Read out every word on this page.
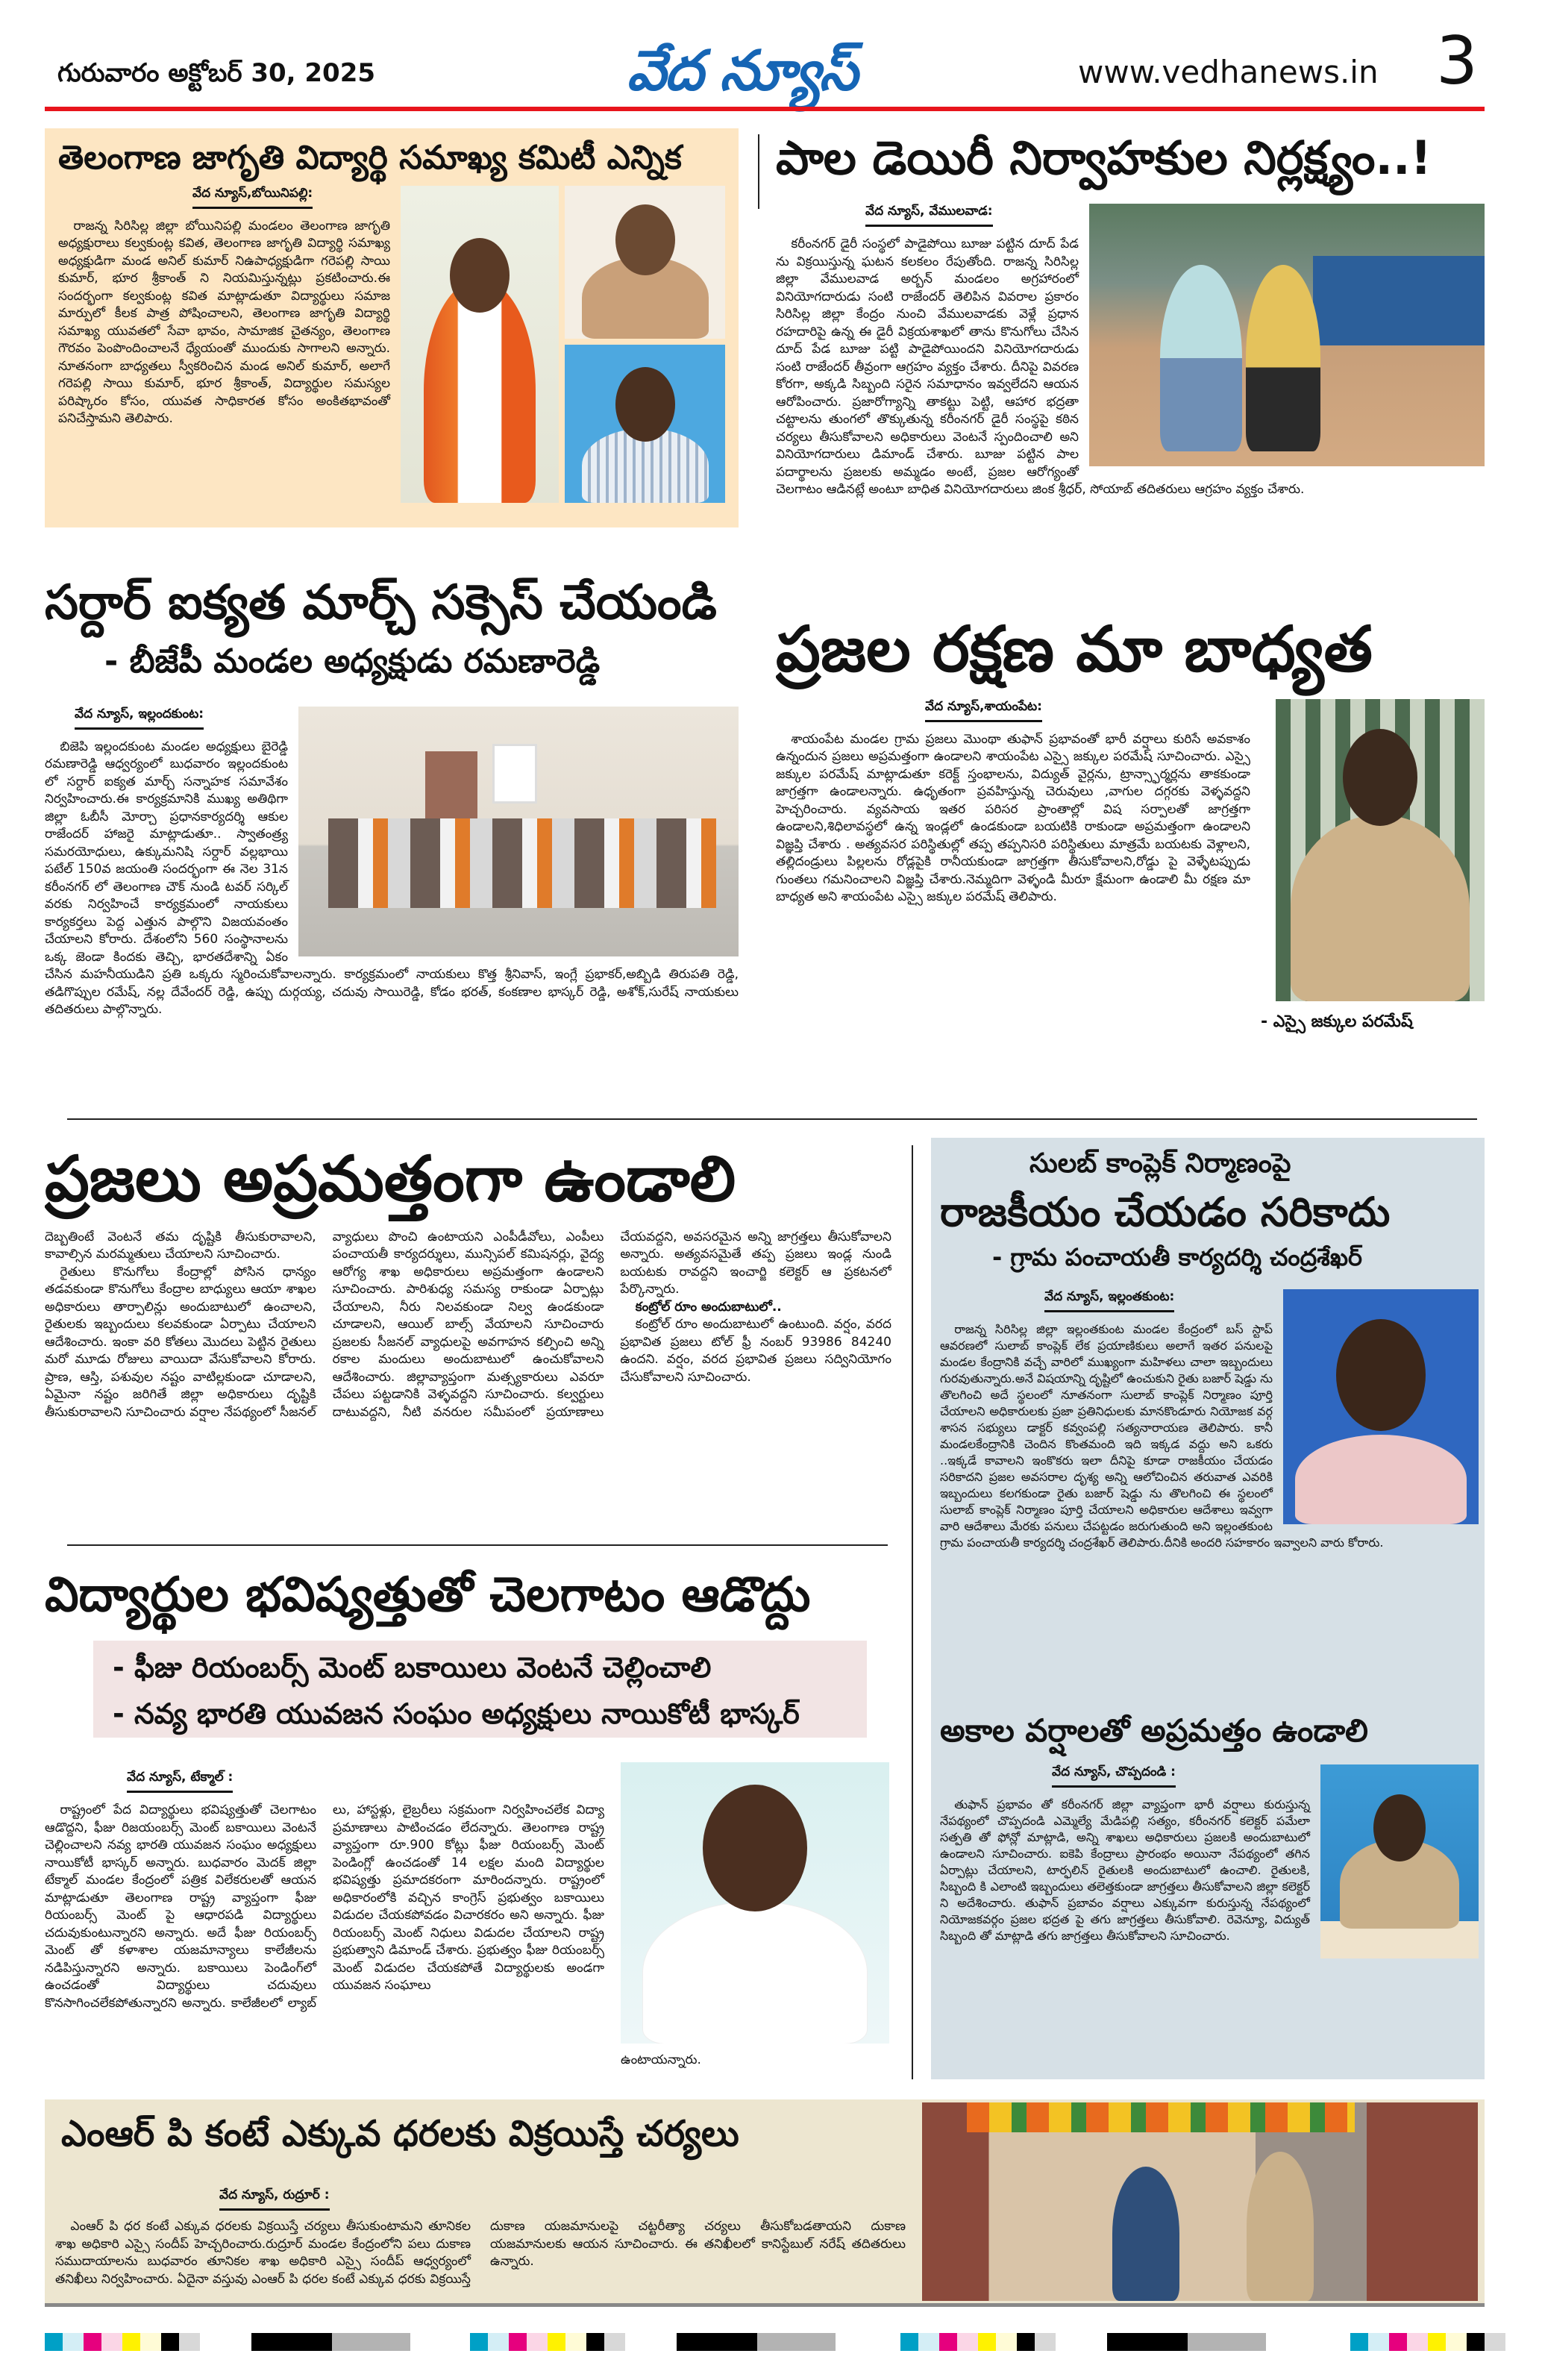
గురువారం అక్టోబర్ 30, 2025	వేద న్యూస్	www.vedhanews.in 3
తెలంగాణ జాగృతి విద్యార్థి సమాఖ్య కమిటీ ఎన్నిక
వేద న్యూస్,బోయినిపల్లి:

రాజన్న సిరిసిల్ల జిల్లా బోయినిపల్లి మండలం తెలంగాణ జాగృతి అధ్యక్షురాలు కల్వకుంట్ల కవిత, తెలంగాణ జాగృతి విద్యార్థి సమాఖ్య అధ్యక్షుడిగా మండ అనిల్ కుమార్ నిఉపాధ్యక్షుడిగా గరెపల్లి సాయి కుమార్, భూర శ్రీకాంత్ ని నియమిస్తున్నట్లు ప్రకటించారు.ఈ సందర్భంగా కల్వకుంట్ల కవిత మాట్లాడుతూ విద్యార్థులు సమాజ మార్పులో కీలక పాత్ర పోషించాలని, తెలంగాణ జాగృతి విద్యార్థి సమాఖ్య యువతలో సేవా భావం, సామాజిక చైతన్యం, తెలంగాణ గౌరవం పెంపొందించాలనే ధ్యేయంతో ముందుకు సాగాలని అన్నారు. నూతనంగా బాధ్యతలు స్వీకరించిన మండ అనిల్ కుమార్, అలాగే గరెపల్లి సాయి కుమార్, భూర శ్రీకాంత్, విద్యార్థుల సమస్యల పరిష్కారం కోసం, యువత సాధికారత కోసం అంకితభావంతో పనిచేస్తామని తెలిపారు.

పాల డెయిరీ నిర్వాహకుల నిర్లక్ష్యం..!
వేద న్యూస్, వేములవాడ:

కరీంనగర్ డైరీ సంస్థలో పాడైపోయి బూజు పట్టిన దూద్ పేడ ను విక్రయిస్తున్న ఘటన కలకలం రేపుతోంది. రాజన్న సిరిసిల్ల జిల్లా వేములవాడ అర్బన్ మండలం అగ్రహారంలో వినియోగదారుడు సంటి రాజేందర్ తెలిపిన వివరాల ప్రకారం సిరిసిల్ల జిల్లా కేంద్రం నుంచి వేములవాడకు వెళ్లే ప్రధాన రహదారిపై ఉన్న ఈ డైరీ విక్రయశాఖలో తాను కొనుగోలు చేసిన దూద్ పేడ బూజు పట్టి పాడైపోయిందని వినియోగదారుడు సంటి రాజేందర్ తీవ్రంగా ఆగ్రహం వ్యక్తం చేశారు. దీనిపై వివరణ కోరగా, అక్కడి సిబ్బంది సరైన సమాధానం ఇవ్వలేదని ఆయన ఆరోపించారు. ప్రజారోగ్యాన్ని తాకట్టు పెట్టి, ఆహార భద్రతా చట్టాలను తుంగలో తొక్కుతున్న కరీంనగర్ డైరీ సంస్థపై కఠిన చర్యలు తీసుకోవాలని అధికారులు వెంటనే స్పందించాలి అని వినియోగదారులు డిమాండ్ చేశారు. బూజు పట్టిన పాల పదార్థాలను ప్రజలకు అమ్మడం అంటే, ప్రజల ఆరోగ్యంతో చెలగాటం ఆడినట్లే అంటూ బాధిత వినియోగదారులు జింక శ్రీధర్, సోయాబ్ తదితరులు ఆగ్రహం వ్యక్తం చేశారు.

సర్దార్ ఐక్యత మార్చ్ సక్సెస్ చేయండి
- బీజేపీ మండల అధ్యక్షుడు రమణారెడ్డి
వేద న్యూస్, ఇల్లందకుంట:

బిజెపి ఇల్లందకుంట మండల అధ్యక్షులు బైరెడ్డి రమణారెడ్డి ఆధ్వర్యంలో బుధవారం ఇల్లందకుంట లో సర్దార్ ఐక్యత మార్చ్ సన్నాహక సమావేశం నిర్వహించారు.ఈ కార్యక్రమానికి ముఖ్య అతిథిగా జిల్లా ఓబీసీ మోర్చా ప్రధానకార్యదర్శి ఆకుల రాజేందర్ హాజరై మాట్లాడుతూ.. స్వాతంత్ర్య సమరయోధులు, ఉక్కుమనిషి సర్దార్ వల్లభాయి పటేల్ 150వ జయంతి సందర్భంగా ఈ నెల 31న కరీంనగర్ లో తెలంగాణ చౌక్ నుండి టవర్ సర్కిల్ వరకు నిర్వహించే కార్యక్రమంలో నాయకులు కార్యకర్తలు పెద్ద ఎత్తున పాల్గొని విజయవంతం చేయాలని కోరారు. దేశంలోని 560 సంస్థానాలను ఒక్క జెండా కిందకు తెచ్చి, భారతదేశాన్ని ఏకం చేసిన మహనీయుడిని ప్రతి ఒక్కరు స్మరించుకోవాలన్నారు. కార్యక్రమంలో నాయకులు కొత్త శ్రీనివాస్, ఇంగ్లే ప్రభాకర్,అబ్బిడి తిరుపతి రెడ్డి, తడిగొప్పుల రమేష్, నల్ల దేవేందర్ రెడ్డి, ఉప్పు దుర్గయ్య, చదువు సాయిరెడ్డి, కోడం భరత్, కంకణాల భాస్కర్ రెడ్డి, అశోక్,సురేష్ నాయకులు తదితరులు పాల్గొన్నారు.

ప్రజల రక్షణ మా బాధ్యత
- ఎస్సై జక్కుల పరమేష్
వేద న్యూస్,శాయంపేట:

శాయంపేట మండల గ్రామ ప్రజలు మొంథా తుఫాన్ ప్రభావంతో భారీ వర్షాలు కురిసే అవకాశం ఉన్నందున ప్రజలు అప్రమత్తంగా ఉండాలని శాయంపేట ఎస్సై జక్కుల పరమేష్ సూచించారు. ఎస్సై జక్కుల పరమేష్ మాట్లాడుతూ కరెక్ట్ స్తంభాలను, విద్యుత్ వైర్లను, ట్రాన్స్ఫార్మర్లను తాకకుండా జాగ్రత్తగా ఉండాలన్నారు. ఉధృతంగా ప్రవహిస్తున్న చెరువులు ,వాగుల దగ్గరకు వెళ్ళవద్దని హెచ్చరించారు. వ్యవసాయ ఇతర పరిసర ప్రాంతాల్లో విష సర్పాలతో జాగ్రత్తగా ఉండాలని,శిధిలావస్థలో ఉన్న ఇండ్లలో ఉండకుండా బయటికి రాకుండా అప్రమత్తంగా ఉండాలని విజ్ఞప్తి చేశారు . అత్యవసర పరిస్థితుల్లో తప్ప తప్పనిసరి పరిస్థితులు మాత్రమే బయటకు వెళ్లాలని, తల్లిదండ్రులు పిల్లలను రోడ్లపైకి రానీయకుండా జాగ్రత్తగా తీసుకోవాలని,రోడ్డు పై వెళ్ళేటప్పుడు గుంతలు గమనించాలని విజ్ఞప్తి చేశారు.నెమ్మదిగా వెళ్ళండి మీరూ క్షేమంగా ఉండాలి మీ రక్షణ మా బాధ్యత అని శాయంపేట ఎస్సై జక్కుల పరమేష్ తెలిపారు.

ప్రజలు అప్రమత్తంగా ఉండాలి

దెబ్బతింటే వెంటనే తమ దృష్టికి తీసుకురావాలని, కావాల్సిన మరమ్మతులు చేయాలని సూచించారు.

రైతులు కొనుగోలు కేంద్రాల్లో పోసిన ధాన్యం తడవకుండా కొనుగోలు కేంద్రాల బాధ్యులు ఆయా శాఖల అధికారులు తార్పాలిన్లు అందుబాటులో ఉంచాలని, రైతులకు ఇబ్బందులు కలవకుండా ఏర్పాటు చేయాలని ఆదేశించారు. ఇంకా వరి కోతలు మొదలు పెట్టిన రైతులు మరో మూడు రోజులు వాయిదా వేసుకోవాలని కోరారు. ప్రాణ, ఆస్తి, పశువుల నష్టం వాటిల్లకుండా చూడాలని, ఏమైనా నష్టం జరిగితే జిల్లా అధికారులు దృష్టికి తీసుకురావాలని సూచించారు వర్షాల నేపథ్యంలో సీజనల్ వ్యాధులు పొంచి ఉంటాయని ఎంపీడీవోలు, ఎంపీలు పంచాయతీ కార్యదర్శులు, మున్సిపల్ కమిషనర్లు, వైద్య ఆరోగ్య శాఖ అధికారులు అప్రమత్తంగా ఉండాలని సూచించారు. పారిశుధ్య సమస్య రాకుండా ఏర్పాట్లు చేయాలని, నీరు నిలవకుండా నిల్వ ఉండకుండా చూడాలని, ఆయిల్ బాల్స్ వేయాలని సూచించారు ప్రజలకు సీజనల్ వ్యాధులపై అవగాహన కల్పించి అన్ని రకాల మందులు అందుబాటులో ఉంచుకోవాలని ఆదేశించారు. జిల్లావ్యాప్తంగా మత్స్యకారులు ఎవరూ చేపలు పట్టడానికి వెళ్ళవద్దని సూచించారు. కల్వర్టులు దాటువద్దని, నీటి వనరుల సమీపంలో ప్రయాణాలు చేయవద్దని, అవసరమైన అన్ని జాగ్రత్తలు తీసుకోవాలని అన్నారు. అత్యవసమైతే తప్ప ప్రజలు ఇండ్ల నుండి బయటకు రావద్దని ఇంచార్జి కలెక్టర్ ఆ ప్రకటనలో పేర్కొన్నారు.

కంట్రోల్ రూం అందుబాటులో..

కంట్రోల్ రూం అందుబాటులో ఉంటుంది. వర్షం, వరద ప్రభావిత ప్రజలు టోల్ ఫ్రీ నంబర్ 93986 84240 ఉందని. వర్షం, వరద ప్రభావిత ప్రజలు సద్వినియోగం చేసుకోవాలని సూచించారు.

విద్యార్థుల భవిష్యత్తుతో చెలగాటం ఆడొద్దు
- ఫీజు రియంబర్స్ మెంట్ బకాయిలు వెంటనే చెల్లించాలి
- నవ్య భారతి యువజన సంఘం అధ్యక్షులు నాయికోటీ భాస్కర్
వేద న్యూస్, టేక్మాల్ :

రాష్ట్రంలో పేద విద్యార్థులు భవిష్యత్తుతో చెలగాటం ఆడొద్దని, ఫీజు రిజయంబర్స్ మెంట్ బకాయిలు వెంటనే చెల్లించాలని నవ్య భారతి యువజన సంఘం అధ్యక్షులు నాయికోటీ భాస్కర్ అన్నారు. బుధవారం మెదక్ జిల్లా టేక్మాల్ మండల కేంద్రంలో పత్రిక విలేకరులతో ఆయన మాట్లాడుతూ తెలంగాణ రాష్ట్ర వ్యాప్తంగా ఫీజు రియంబర్స్ మెంట్ పై ఆధారపడి విద్యార్థులు చదువుకుంటున్నారని అన్నారు. అదే ఫీజు రియంబర్స్ మెంట్ తో కళాశాల యజమాన్యాలు కాలేజీలను నడిపిస్తున్నారని అన్నారు. బకాయిలు పెండింగ్‌లో ఉంచడంతో విద్యార్థులు చదువులు కొనసాగించలేకపోతున్నారని అన్నారు. కాలేజీలలో ల్యాబ్ లు, హాస్టళ్లు, లైబ్రరీలు సక్రమంగా నిర్వహించలేక విద్యా ప్రమాణాలు పాటించడం లేదన్నారు. తెలంగాణ రాష్ట్ర వ్యాప్తంగా రూ.900 కోట్లు ఫీజు రియంబర్స్ మెంట్ పెండింగ్లో ఉంచడంతో 14 లక్షల మంది విద్యార్థుల భవిష్యత్తు ప్రమాదకరంగా మారిందన్నారు. రాష్ట్రంలో అధికారంలోకి వచ్చిన కాంగ్రెస్ ప్రభుత్వం బకాయిలు విడుదల చేయకపోవడం విచారకరం అని అన్నారు. ఫీజు రియంబర్స్ మెంట్ నిధులు విడుదల చేయాలని రాష్ట్ర ప్రభుత్వాని డిమాండ్ చేశారు. ప్రభుత్వం ఫీజు రియంబర్స్ మెంట్ విడుదల చేయకపోతే విద్యార్థులకు అండగా యువజన సంఘాలు

ఉంటాయన్నారు.
సులబ్ కాంప్లెక్ నిర్మాణంపై
రాజకీయం చేయడం సరికాదు
- గ్రామ పంచాయతీ కార్యదర్శి చంద్రశేఖర్
వేద న్యూస్, ఇల్లంతకుంట:

రాజన్న సిరిసిల్ల జిల్లా ఇల్లంతకుంట మండల కేంద్రంలో బస్ స్టాప్ ఆవరణలో సులాబ్ కాంప్లెక్ లేక ప్రయాణికులు అలాగే ఇతర పనులపై మండల కేంద్రానికి వచ్చే వారిలో ముఖ్యంగా మహిళలు చాలా ఇబ్బందులు గురవుతున్నారు.అనే విషయాన్ని దృష్టిలో ఉంచుకుని రైతు బజార్ షెడ్డు ను తొలగించి అదే స్థలంలో నూతనంగా సులాబ్ కాంప్లెక్ నిర్మాణం పూర్తి చేయాలని అధికారులకు ప్రజా ప్రతినిధులకు మానకొండూరు నియోజక వర్గ శాసన సభ్యులు డాక్టర్ కవ్వంపల్లి సత్యనారాయణ తెలిపారు. కానీ మండలకేంద్రానికి చెందిన కొంతమంది ఇది ఇక్కడ వద్దు అని ఒకరు ..ఇక్కడే కావాలని ఇంకొకరు ఇలా దీనిపై కూడా రాజకీయం చేయడం సరికాదని ప్రజల అవసరాల దృశ్య అన్ని ఆలోచించిన తరువాత ఎవరికి ఇబ్బందులు కలగకుండా రైతు బజార్ షెడ్డు ను తొలగించి ఈ స్థలంలో సులాబ్ కాంప్లెక్ నిర్మాణం పూర్తి చేయాలని అధికారుల ఆదేశాలు ఇవ్వగా వారి ఆదేశాలు మేరకు పనులు చేపట్టడం జరుగుతుంది అని ఇల్లంతకుంట గ్రామ పంచాయతీ కార్యదర్శి చంద్రశేఖర్ తెలిపారు.దీనికి అందరి సహకారం ఇవ్వాలని వారు కోరారు.

అకాల వర్షాలతో అప్రమత్తం ఉండాలి
వేద న్యూస్, చొప్పదండి :

తుఫాన్ ప్రభావం తో కరీంనగర్ జిల్లా వ్యాప్తంగా భారీ వర్షాలు కురుస్తున్న నేపథ్యంలో చొప్పదండి ఎమ్మెల్యే మేడిపల్లి సత్యం, కరీంనగర్ కలెక్టర్ పమేలా సత్పతి తో ఫోన్లో మాట్లాడి, అన్ని శాఖలు అధికారులు ప్రజలకి అందుబాటులో ఉండాలని సూచించారు. ఐకెపి కేంద్రాలు ప్రారంభం అయినా నేపథ్యంలో తగిన ఏర్పాట్లు చేయాలని, టార్ఫలిన్ రైతులకి అందుబాటులో ఉంచాలి. రైతులకి, సిబ్బంది కి ఎలాంటి ఇబ్బందులు తలెత్తకుండా జాగ్రత్తలు తీసుకోవాలని జిల్లా కలెక్టర్ ని అదేశించారు. తుఫాన్ ప్రబావం వర్షాలు ఎక్కువగా కురుస్తున్న నేపథ్యంలో నియోజకవర్గం ప్రజల భద్రత పై తగు జాగ్రత్తలు తీసుకోవాలి. రెవెన్యూ, విద్యుత్ సిబ్బంది తో మాట్లాడి తగు జాగ్రత్తలు తీసుకోవాలని సూచించారు.

ఎంఆర్ పి కంటే ఎక్కువ ధరలకు విక్రయిస్తే చర్యలు
వేద న్యూస్, రుద్రూర్ :

ఎంఆర్ పి ధర కంటే ఎక్కువ ధరలకు విక్రయిస్తే చర్యలు తీసుకుంటామని తూనికల శాఖ అధికారి ఎస్సై సందీప్ హెచ్చరించారు.రుద్రూర్ మండల కేంద్రంలోని పలు దుకాణ సముదాయాలను బుధవారం తూనికల శాఖ అధికారి ఎస్సై సందీప్ ఆధ్వర్యంలో తనిఖీలు నిర్వహించారు. ఏదైనా వస్తువు ఎంఆర్ పి ధరల కంటే ఎక్కువ ధరకు విక్రయిస్తే దుకాణ యజమానులపై చట్టరీత్యా చర్యలు తీసుకోబడతాయని దుకాణ యజమానులకు ఆయన సూచించారు. ఈ తనిఖీలలో కానిస్టేబుల్ నరేష్ తదితరులు ఉన్నారు.
